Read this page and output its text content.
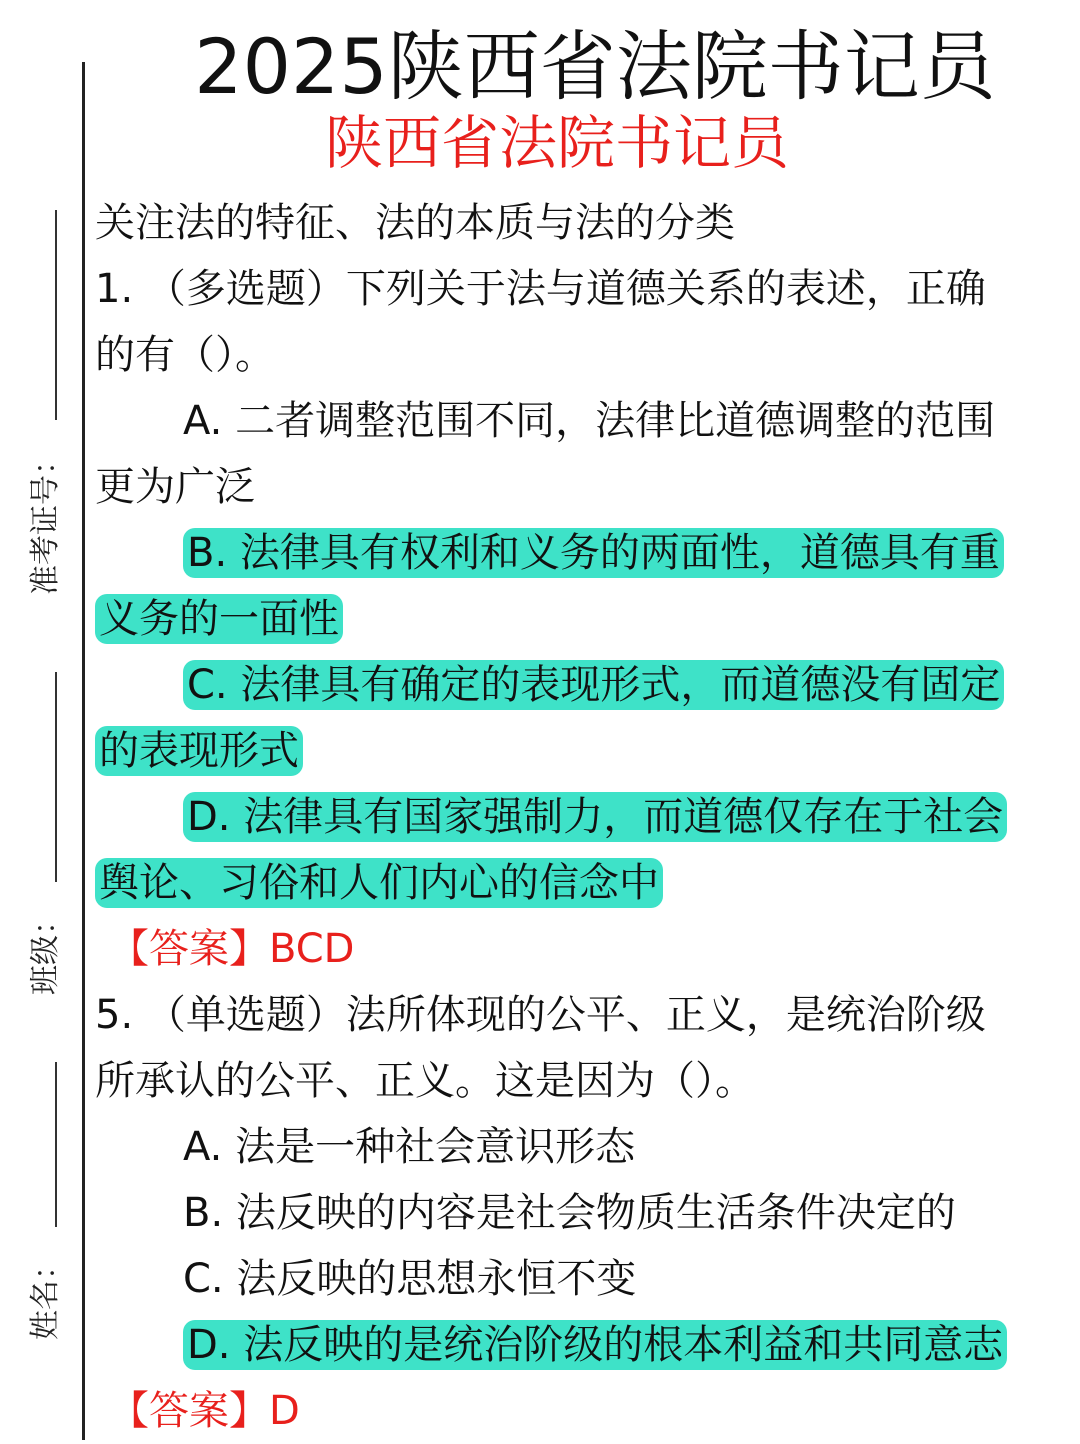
准考证号：
班级：
姓名：
2025陕西省法院书记员
陕西省法院书记员
关注法的特征、法的本质与法的分类
1. （多选题）下列关于法与道德关系的表述，正确
的有（）。
A. 二者调整范围不同，法律比道德调整的范围
更为广泛
B. 法律具有权利和义务的两面性，道德具有重
义务的一面性
C. 法律具有确定的表现形式，而道德没有固定
的表现形式
D. 法律具有国家强制力，而道德仅存在于社会
舆论、习俗和人们内心的信念中
【答案】BCD
5. （单选题）法所体现的公平、正义，是统治阶级
所承认的公平、正义。这是因为（）。
A. 法是一种社会意识形态
B. 法反映的内容是社会物质生活条件决定的
C. 法反映的思想永恒不变
D. 法反映的是统治阶级的根本利益和共同意志
【答案】D
